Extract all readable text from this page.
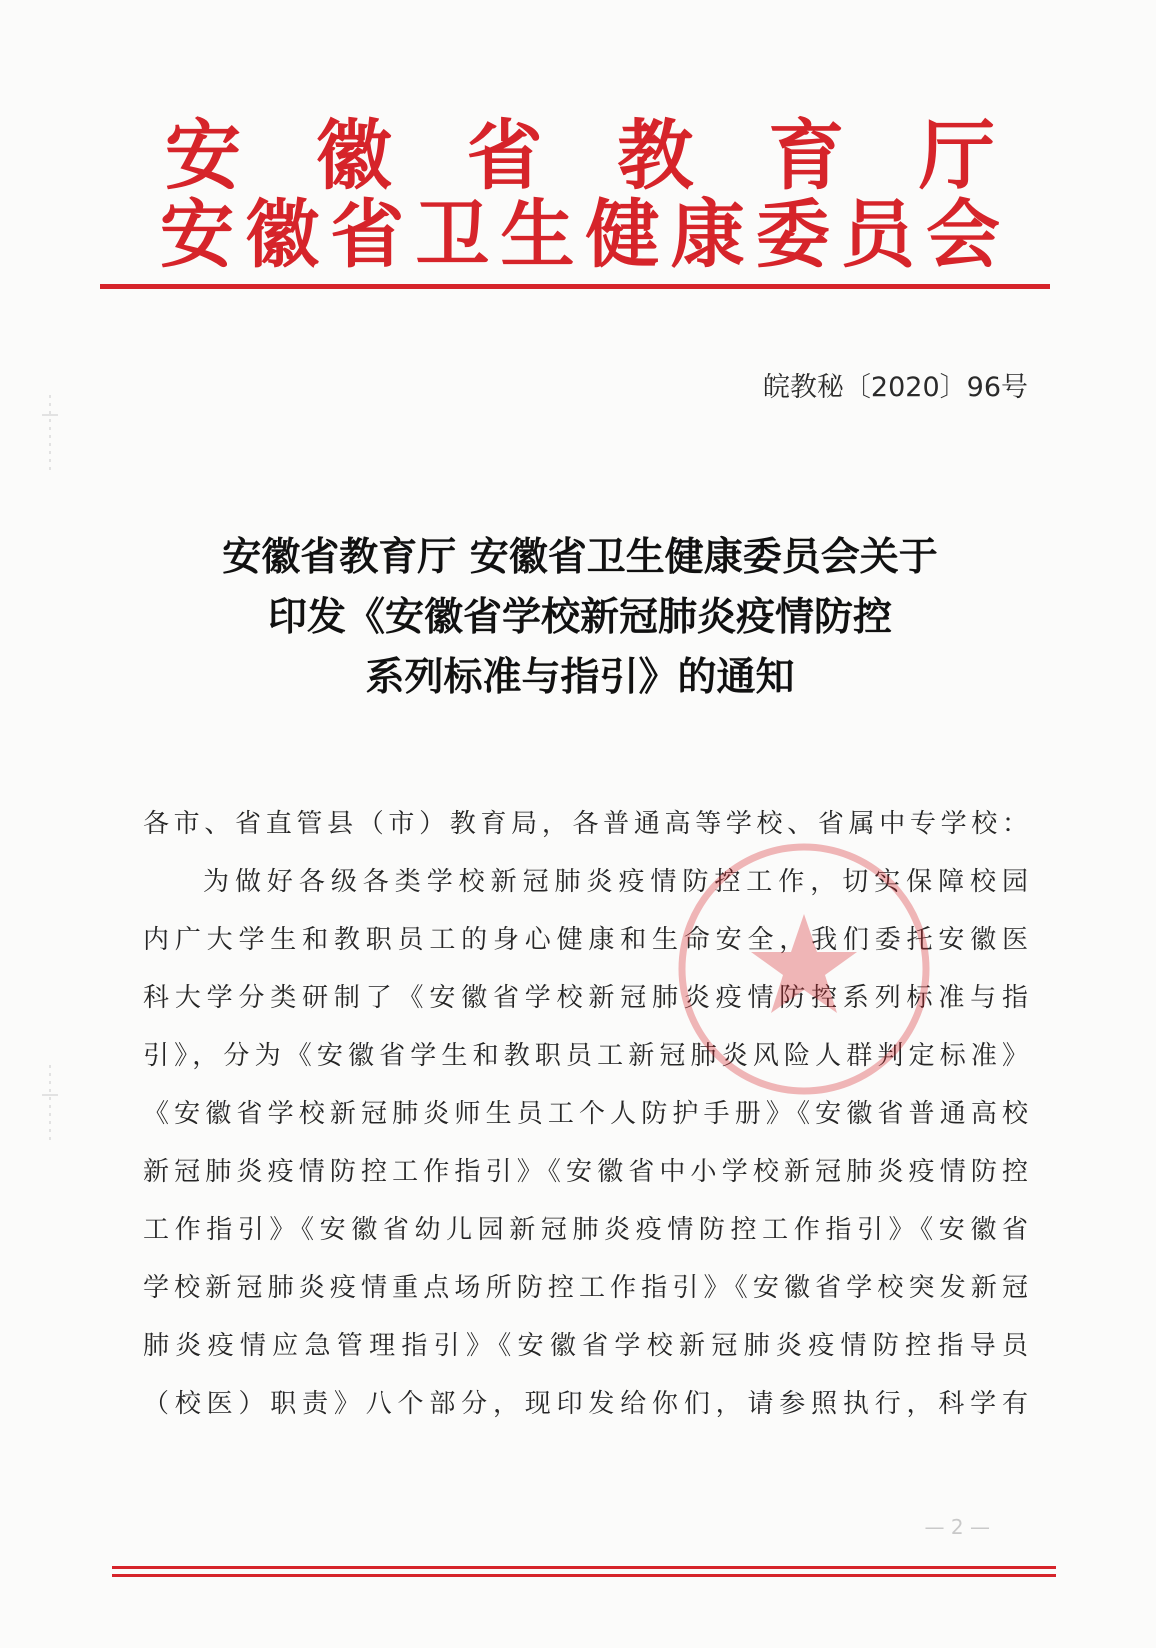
安 徽 省 教 育 厅
安徽省卫生健康委员会
皖教秘〔2020〕96号
安徽省教育厅 安徽省卫生健康委员会关于
印发《安徽省学校新冠肺炎疫情防控
系列标准与指引》的通知
各市、省直管县（市）教育局，各普通高等学校、省属中专学校：
为做好各级各类学校新冠肺炎疫情防控工作，切实保障校园
内广大学生和教职员工的身心健康和生命安全，我们委托安徽医
科大学分类研制了《安徽省学校新冠肺炎疫情防控系列标准与指
引》，分为《安徽省学生和教职员工新冠肺炎风险人群判定标准》
《安徽省学校新冠肺炎师生员工个人防护手册》《安徽省普通高校
新冠肺炎疫情防控工作指引》《安徽省中小学校新冠肺炎疫情防控
工作指引》《安徽省幼儿园新冠肺炎疫情防控工作指引》《安徽省
学校新冠肺炎疫情重点场所防控工作指引》《安徽省学校突发新冠
肺炎疫情应急管理指引》《安徽省学校新冠肺炎疫情防控指导员
（校医）职责》八个部分，现印发给你们，请参照执行，科学有
— 2 —
